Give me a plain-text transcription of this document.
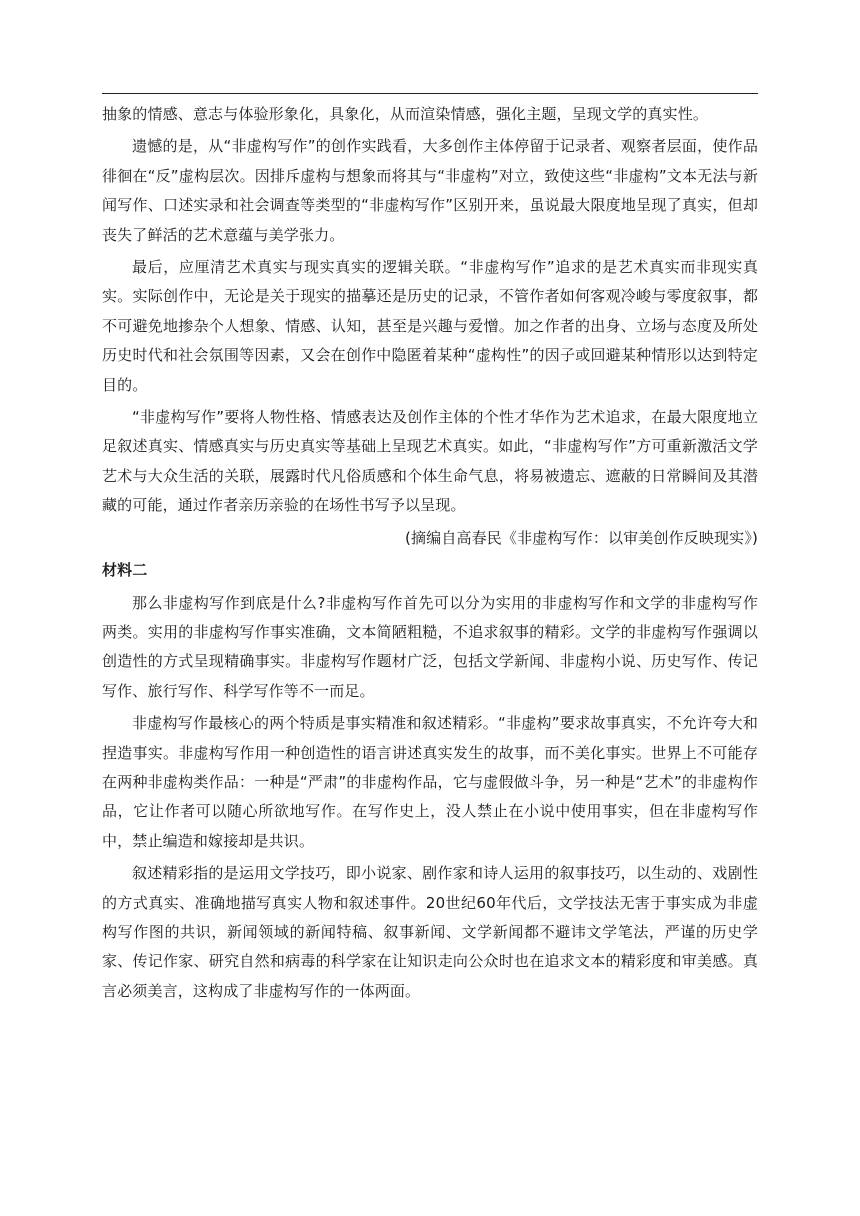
抽象的情感、意志与体验形象化，具象化，从而渲染情感，强化主题，呈现文学的真实性。

遗憾的是，从“非虚构写作”的创作实践看，大多创作主体停留于记录者、观察者层面，使作品徘徊在“反”虚构层次。因排斥虚构与想象而将其与“非虚构”对立，致使这些“非虚构”文本无法与新闻写作、口述实录和社会调查等类型的“非虚构写作”区别开来，虽说最大限度地呈现了真实，但却丧失了鲜活的艺术意蕴与美学张力。

最后，应厘清艺术真实与现实真实的逻辑关联。“非虚构写作”追求的是艺术真实而非现实真实。实际创作中，无论是关于现实的描摹还是历史的记录，不管作者如何客观冷峻与零度叙事，都不可避免地掺杂个人想象、情感、认知，甚至是兴趣与爱憎。加之作者的出身、立场与态度及所处历史时代和社会氛围等因素，又会在创作中隐匿着某种“虚构性”的因子或回避某种情形以达到特定目的。

“非虚构写作”要将人物性格、情感表达及创作主体的个性才华作为艺术追求，在最大限度地立足叙述真实、情感真实与历史真实等基础上呈现艺术真实。如此，“非虚构写作”方可重新激活文学艺术与大众生活的关联，展露时代凡俗质感和个体生命气息，将易被遗忘、遮蔽的日常瞬间及其潜藏的可能，通过作者亲历亲验的在场性书写予以呈现。

(摘编自高春民《非虚构写作：以审美创作反映现实》)

材料二

那么非虚构写作到底是什么?非虚构写作首先可以分为实用的非虚构写作和文学的非虚构写作两类。实用的非虚构写作事实准确，文本简陋粗糙，不追求叙事的精彩。文学的非虚构写作强调以创造性的方式呈现精确事实。非虚构写作题材广泛，包括文学新闻、非虚构小说、历史写作、传记写作、旅行写作、科学写作等不一而足。

非虚构写作最核心的两个特质是事实精准和叙述精彩。“非虚构”要求故事真实，不允许夸大和捏造事实。非虚构写作用一种创造性的语言讲述真实发生的故事，而不美化事实。世界上不可能存在两种非虚构类作品：一种是“严肃”的非虚构作品，它与虚假做斗争，另一种是“艺术”的非虚构作品，它让作者可以随心所欲地写作。在写作史上，没人禁止在小说中使用事实，但在非虚构写作中，禁止编造和嫁接却是共识。

叙述精彩指的是运用文学技巧，即小说家、剧作家和诗人运用的叙事技巧，以生动的、戏剧性的方式真实、准确地描写真实人物和叙述事件。20世纪60年代后，文学技法无害于事实成为非虚构写作图的共识，新闻领域的新闻特稿、叙事新闻、文学新闻都不避讳文学笔法，严谨的历史学家、传记作家、研究自然和病毒的科学家在让知识走向公众时也在追求文本的精彩度和审美感。真言必须美言，这构成了非虚构写作的一体两面。
